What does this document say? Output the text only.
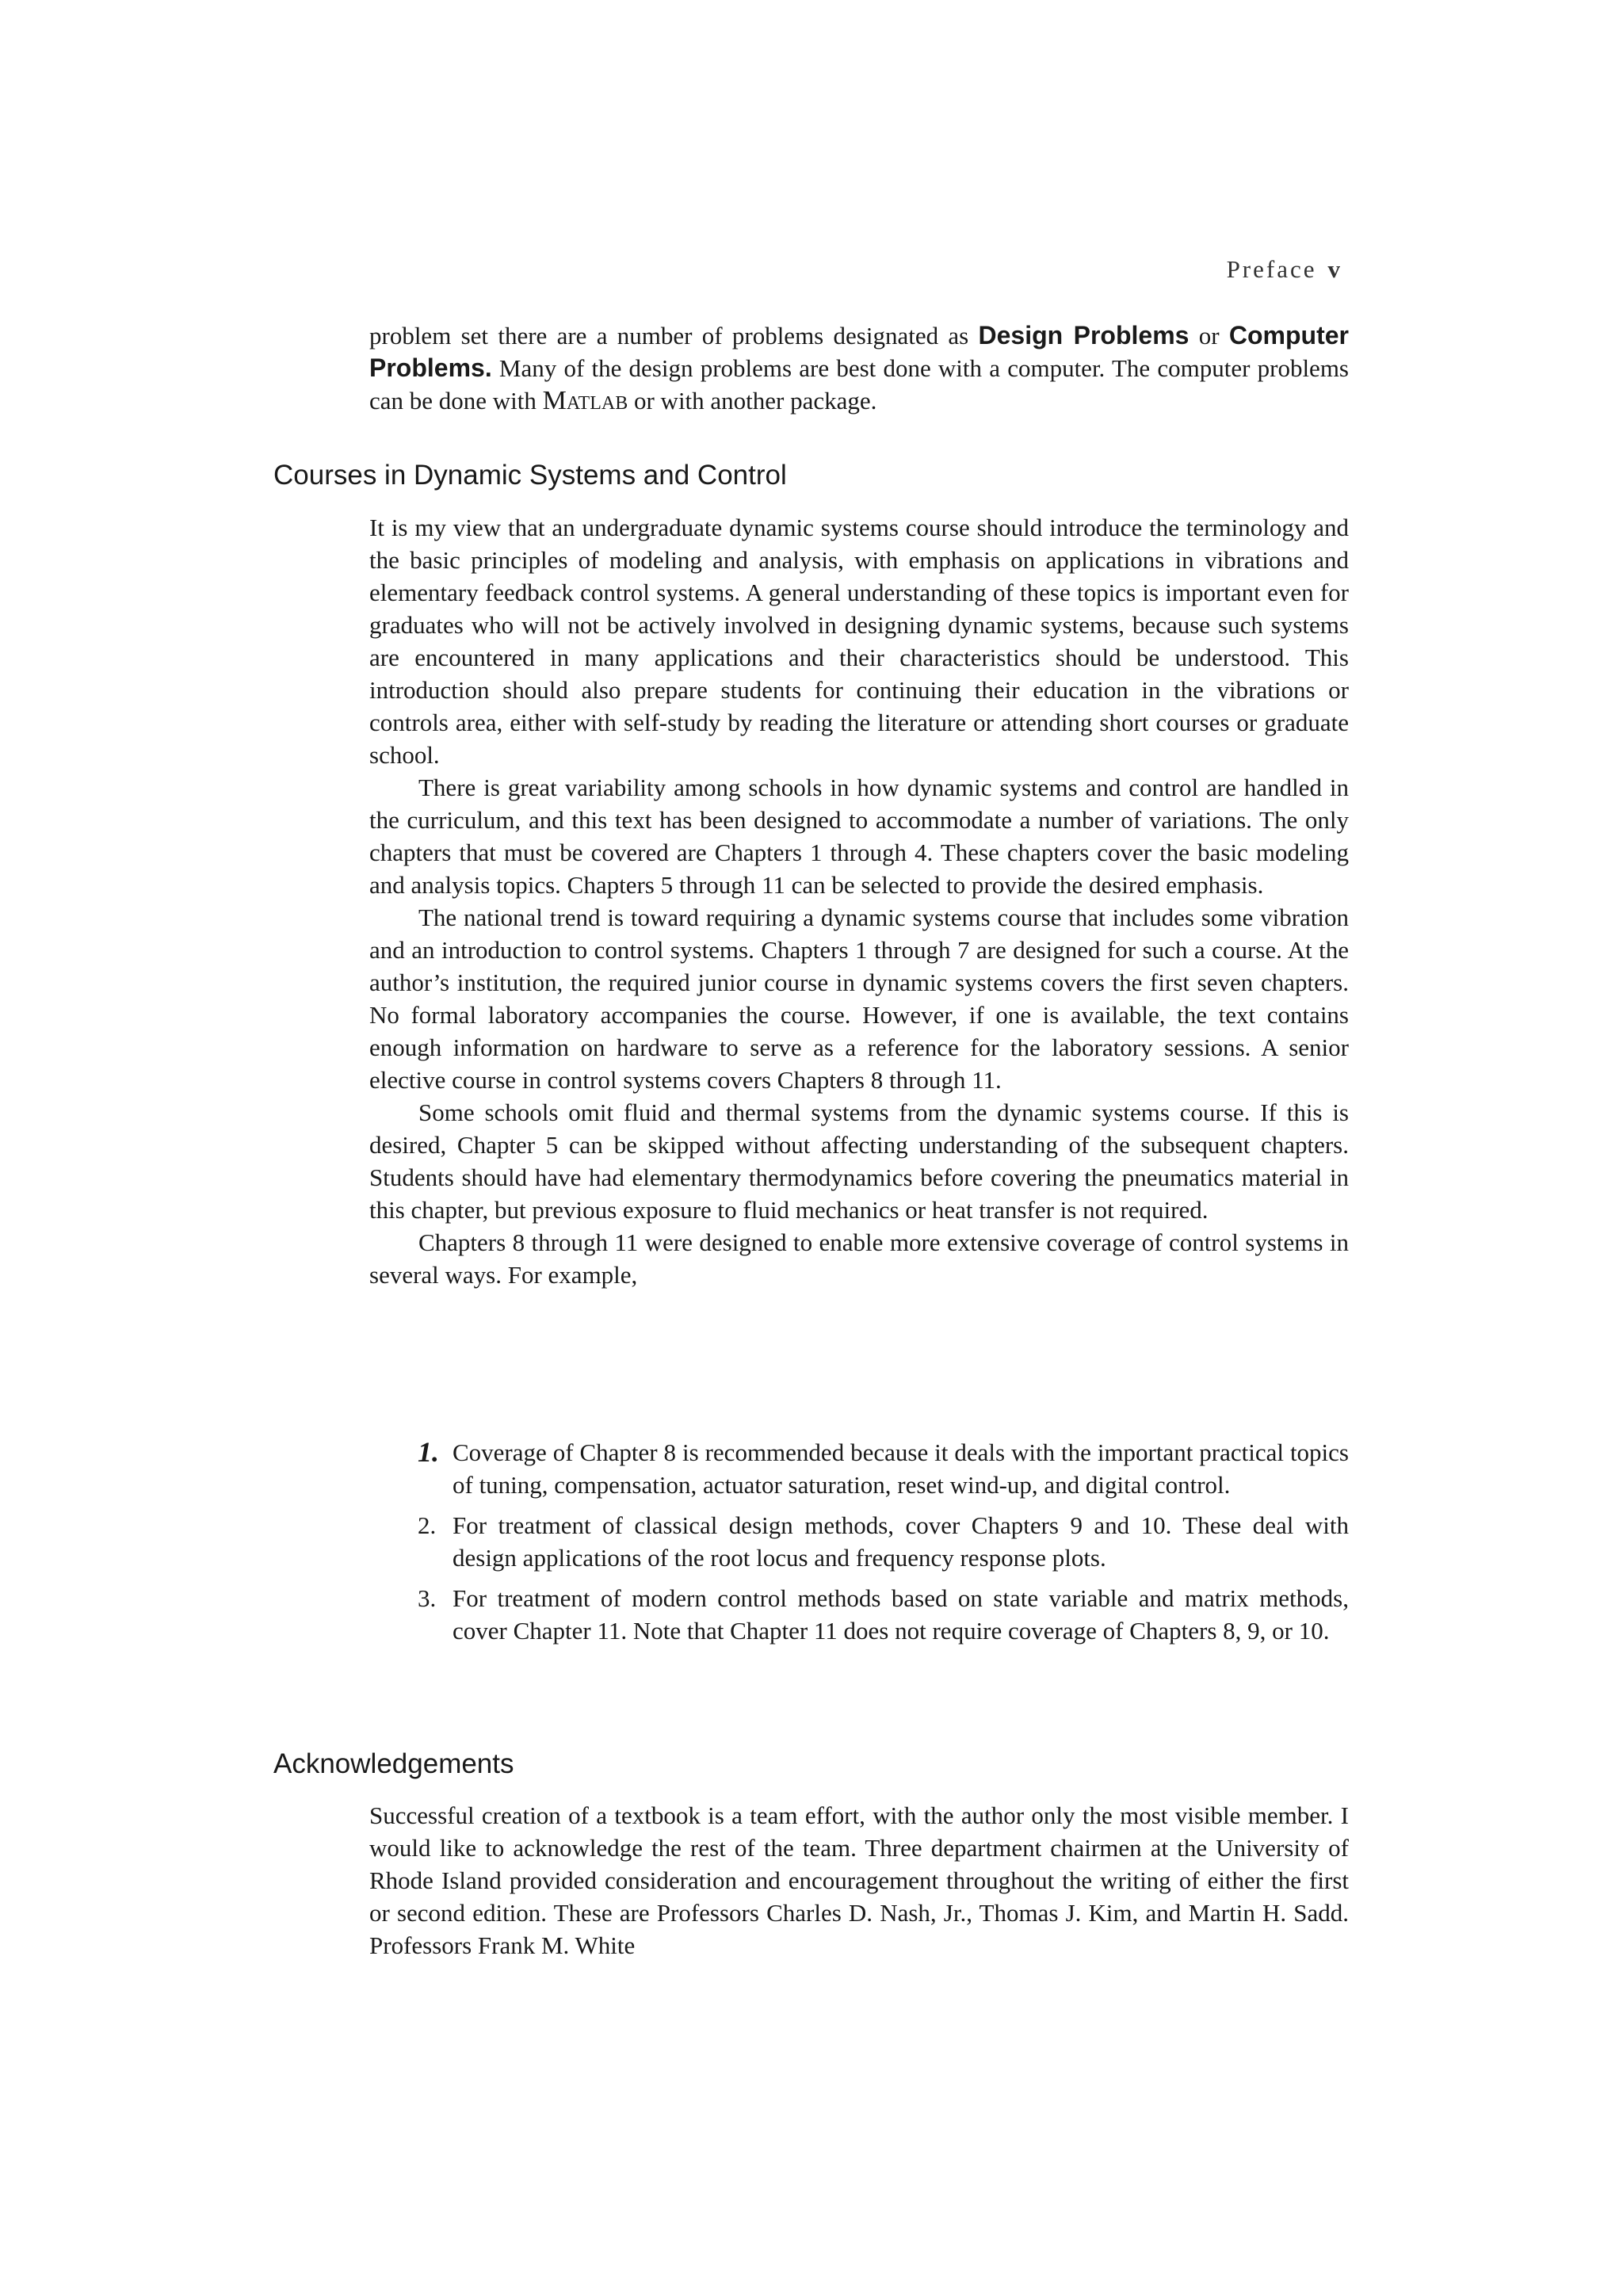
Preface v

problem set there are a number of problems designated as Design Problems or Computer Problems. Many of the design problems are best done with a computer. The computer problems can be done with Matlab or with another package.

Courses in Dynamic Systems and Control

It is my view that an undergraduate dynamic systems course should introduce the terminology and the basic principles of modeling and analysis, with emphasis on applications in vibrations and elementary feedback control systems. A general understanding of these topics is important even for graduates who will not be actively involved in designing dynamic systems, because such systems are encountered in many applications and their characteristics should be understood. This introduction should also prepare students for continuing their education in the vibrations or controls area, either with self-study by reading the literature or attending short courses or graduate school.

There is great variability among schools in how dynamic systems and control are handled in the curriculum, and this text has been designed to accommodate a number of variations. The only chapters that must be covered are Chapters 1 through 4. These chapters cover the basic modeling and analysis topics. Chapters 5 through 11 can be selected to provide the desired emphasis.

The national trend is toward requiring a dynamic systems course that includes some vibration and an introduction to control systems. Chapters 1 through 7 are designed for such a course. At the author’s institution, the required junior course in dynamic systems covers the first seven chapters. No formal laboratory accompanies the course. However, if one is available, the text contains enough information on hardware to serve as a reference for the laboratory sessions. A senior elective course in control systems covers Chapters 8 through 11.

Some schools omit fluid and thermal systems from the dynamic systems course. If this is desired, Chapter 5 can be skipped without affecting understanding of the subsequent chapters. Students should have had elementary thermodynamics before covering the pneumatics material in this chapter, but previous exposure to fluid mechanics or heat transfer is not required.

Chapters 8 through 11 were designed to enable more extensive coverage of control systems in several ways. For example,

1. Coverage of Chapter 8 is recommended because it deals with the important practical topics of tuning, compensation, actuator saturation, reset wind-up, and digital control.
2. For treatment of classical design methods, cover Chapters 9 and 10. These deal with design applications of the root locus and frequency response plots.
3. For treatment of modern control methods based on state variable and matrix methods, cover Chapter 11. Note that Chapter 11 does not require coverage of Chapters 8, 9, or 10.
Acknowledgements

Successful creation of a textbook is a team effort, with the author only the most visible member. I would like to acknowledge the rest of the team. Three department chairmen at the University of Rhode Island provided consideration and encouragement throughout the writing of either the first or second edition. These are Professors Charles D. Nash, Jr., Thomas J. Kim, and Martin H. Sadd. Professors Frank M. White
